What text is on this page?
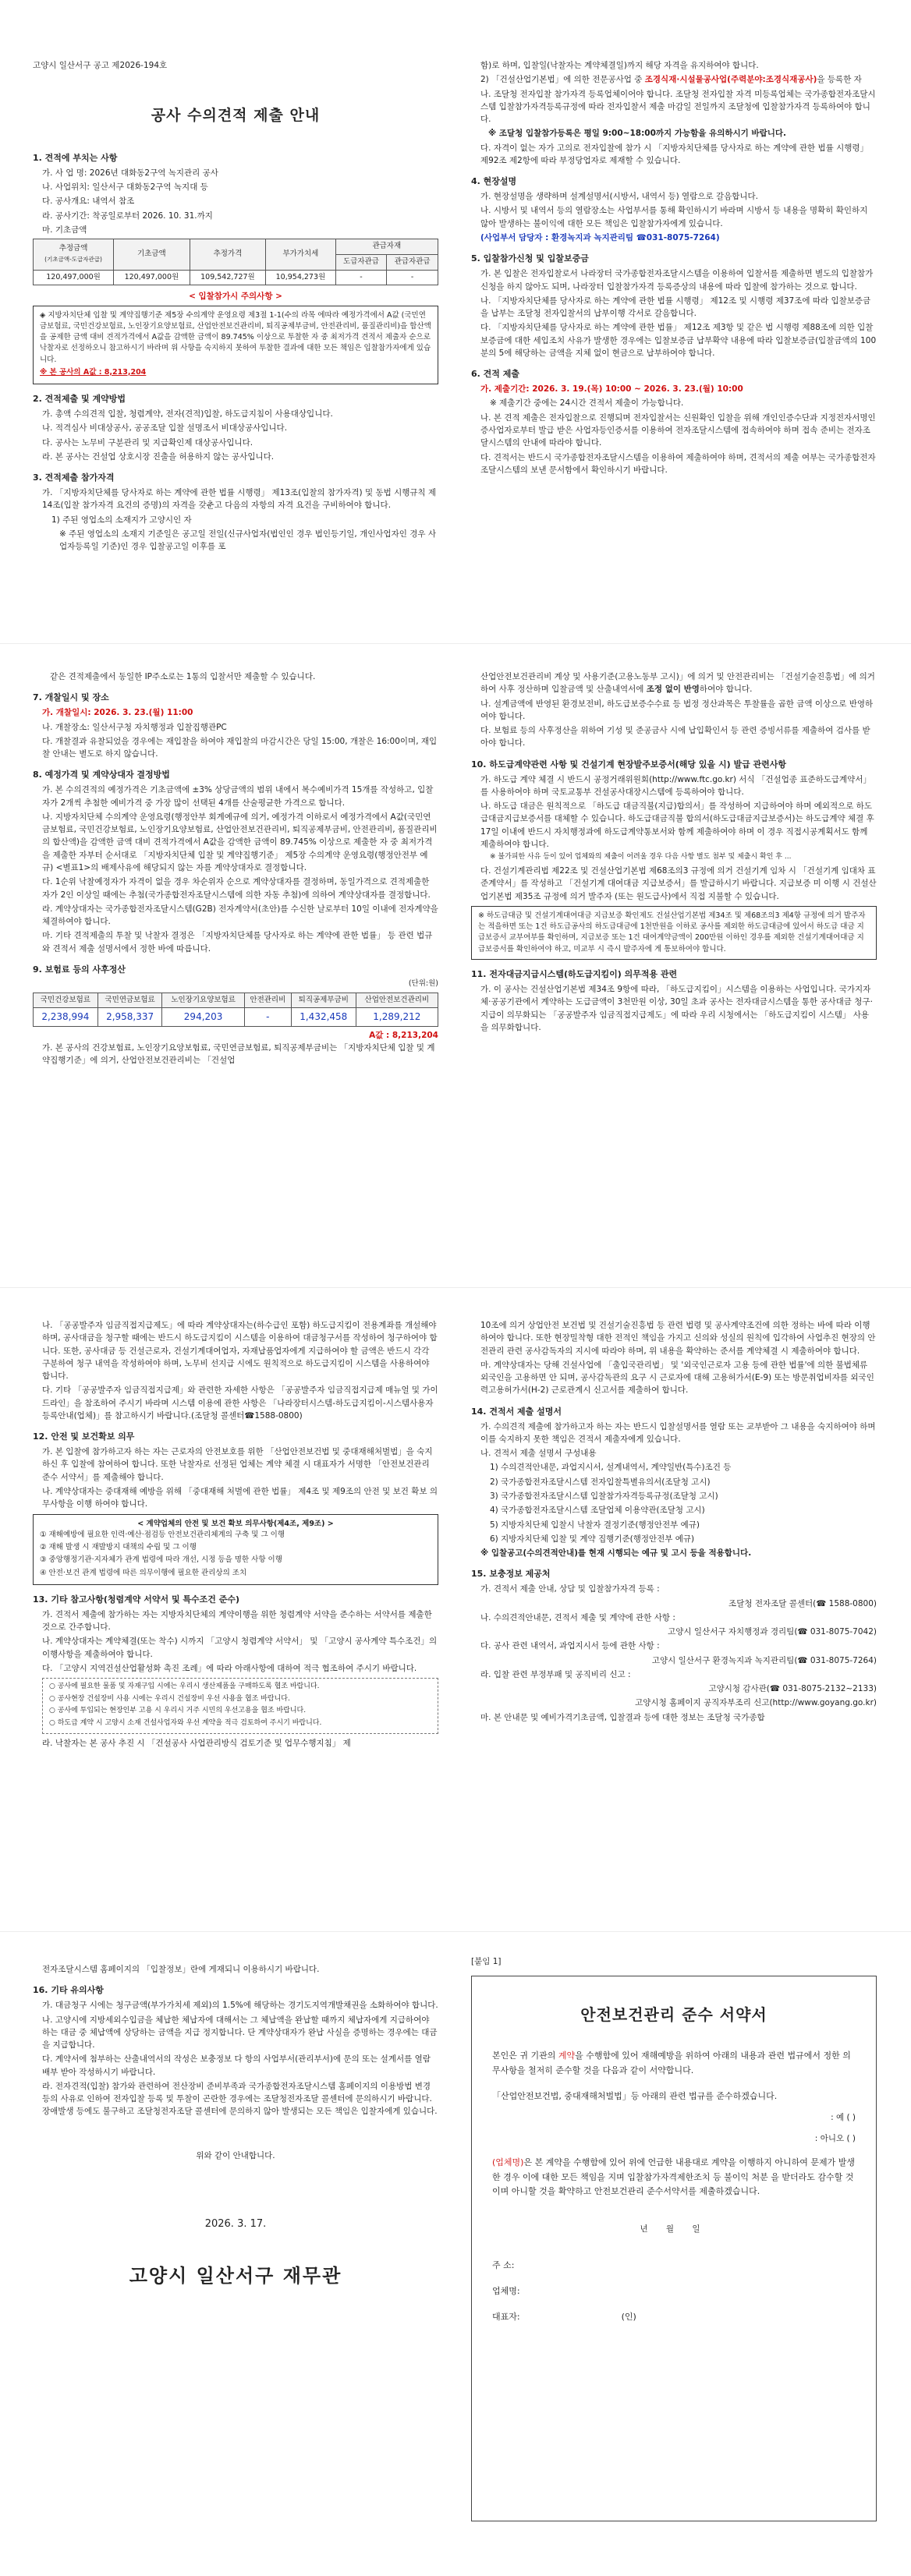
고양시 일산서구 공고 제2026-194호
공사 수의견적 제출 안내
1. 견적에 부치는 사항

가. 사 업 명: 2026년 대화동2구역 녹지관리 공사

나. 사업위치: 일산서구 대화동2구역 녹지대 등

다. 공사개요: 내역서 참조

라. 공사기간: 착공일로부터 2026. 10. 31.까지

마. 기초금액

추정금액
(기초금액-도급자관급)	기초금액	추정가격	부가가치세	관급자재	
				도급자관급	관급자관급
120,497,000원	120,497,000원	109,542,727원	10,954,273원	-	-
< 입찰참가시 주의사항 >

◈ 지방자치단체 입찰 및 계약집행기준 제5장 수의계약 운영요령 제3절 1-1(수의 라목 에따라 예정가격에서 A값 (국민연금보험료, 국민건강보험료, 노인장기요양보험료, 산업안전보건관리비, 퇴직공제부금비, 안전관리비, 품질관리비)을 합산액을 공제한 금액 대비 견적가격에서 A값을 감액한 금액이 89.745% 이상으로 투찰한 자 중 최저가격 견적서 제출자 순으로 낙찰자로 선정하오니 참고하시기 바라며 위 사항을 숙지하지 못하여 투찰한 결과에 대한 모든 책임은 입찰참가자에게 있습니다.

※ 본 공사의 A값 : 8,213,204

2. 견적제출 및 계약방법

가. 총액 수의견적 입찰, 청렴계약, 전자(견적)입찰, 하도급지침이 사용대상입니다.

나. 적격심사 비대상공사, 공공조달 입찰 설명조서 비대상공사입니다.

다. 공사는 노무비 구분관리 및 지급확인제 대상공사입니다.

라. 본 공사는 건설업 상호시장 진출을 허용하지 않는 공사입니다.

3. 견적제출 참가자격

가. 「지방자치단체를 당사자로 하는 계약에 관한 법률 시행령」 제13조(입찰의 참가자격) 및 동법 시행규칙 제14조(입찰 참가자격 요건의 증명)의 자격을 갖춘고 다음의 자항의 자격 요건을 구비하여야 합니다.

1) 주된 영업소의 소재지가 고양시인 자

※ 주된 영업소의 소재지 기준일은 공고일 전일(신규사업자(법인인 경우 법인등기일, 개인사업자인 경우 사업자등록일 기준)인 경우 입찰공고일 이후를 포

함)로 하며, 입찰일(낙찰자는 계약체결일)까지 해당 자격을 유지하여야 합니다.

2) 「건설산업기본법」에 의한 전문공사업 중 조경식재·시설물공사업(주력분야:조경식재공사)을 등록한 자

나. 조달청 전자입찰 참가자격 등록업체이어야 합니다. 조달청 전자입찰 자격 미등록업체는 국가종합전자조달시스템 입찰참가자격등록규정에 따라 전자입찰서 제출 마감일 전일까지 조달청에 입찰참가자격 등록하여야 합니다.

※ 조달청 입찰참가등록은 평일 9:00~18:00까지 가능함을 유의하시기 바랍니다.

다. 자격이 없는 자가 고의로 전자입찰에 참가 시 「지방자치단체를 당사자로 하는 계약에 관한 법률 시행령」 제92조 제2항에 따라 부정당업자로 제재할 수 있습니다.

4. 현장설명

가. 현장설명을 생략하며 설계설명서(시방서, 내역서 등) 열람으로 갈음합니다.

나. 시방서 및 내역서 등의 열람장소는 사업부서를 통해 확인하시기 바라며 시방서 등 내용을 명확히 확인하지 않아 발생하는 불이익에 대한 모든 책임은 입찰참가자에게 있습니다.

(사업부서 담당자 : 환경녹지과 녹지관리팀 ☎031-8075-7264)

5. 입찰참가신청 및 입찰보증금

가. 본 입찰은 전자입찰로서 나라장터 국가종합전자조달시스템을 이용하여 입찰서를 제출하면 별도의 입찰참가신청을 하지 않아도 되며, 나라장터 입찰참가자격 등록증상의 내용에 따라 입찰에 참가하는 것으로 합니다.

나. 「지방자치단체를 당사자로 하는 계약에 관한 법률 시행령」 제12조 및 시행령 제37조에 따라 입찰보증금을 납부는 조달청 전자입찰서의 납부이행 각서로 갈음합니다.

다. 「지방자치단체를 당사자로 하는 계약에 관한 법률」 제12조 제3항 및 같은 법 시행령 제88조에 의한 입찰보증금에 대한 세입조치 사유가 발생한 경우에는 입찰보증금 납부확약 내용에 따라 입찰보증금(입찰금액의 100분의 5에 해당하는 금액을 지체 없이 현금으로 납부하여야 합니다.

6. 견적 제출

가. 제출기간: 2026. 3. 19.(목) 10:00 ~ 2026. 3. 23.(월) 10:00

※ 제출기간 중에는 24시간 견적서 제출이 가능합니다.

나. 본 견적 제출은 전자입찰으로 진행되며 전자입찰서는 신원확인 입찰을 위해 개인인증수단과 지정전자서명인증사업자로부터 발급 받은 사업자등인증서를 이용하여 전자조달시스템에 접속하여야 하며 접속 준비는 전자조달시스템의 안내에 따라야 합니다.

다. 견적서는 반드시 국가종합전자조달시스템을 이용하여 제출하여야 하며, 견적서의 제출 여부는 국가종합전자조달시스템의 보낸 문서함에서 확인하시기 바랍니다.

같은 견적제출에서 동일한 IP주소로는 1통의 입찰서만 제출할 수 있습니다.

7. 개찰일시 및 장소

가. 개찰일시: 2026. 3. 23.(월) 11:00

나. 개찰장소: 일산서구청 자치행정과 입찰집행관PC

다. 개찰결과 유찰되었을 경우에는 재입찰을 하여야 재입찰의 마감시간은 당일 15:00, 개찰은 16:00이며, 재입찰 안내는 별도로 하지 않습니다.

8. 예정가격 및 계약상대자 결정방법

가. 본 수의견적의 예정가격은 기초금액에 ±3% 상당금액의 범위 내에서 복수예비가격 15개를 작성하고, 입찰자가 2개씩 추첨한 예비가격 중 가장 많이 선택된 4개를 산술평균한 가격으로 합니다.

나. 지방자치단체 수의계약 운영요령(행정안부 회계예규에 의거, 예정가격 이하로서 예정가격에서 A값(국민연금보험료, 국민건강보험료, 노인장기요양보험료, 산업안전보건관리비, 퇴직공제부금비, 안전관리비, 품질관리비의 합산액)을 감액한 금액 대비 견적가격에서 A값을 감액한 금액이 89.745% 이상으로 제출한 자 중 최저가격을 제출한 자부터 순서대로 「지방자치단체 입찰 및 계약집행기준」 제5장 수의계약 운영요령(행정안전부 예규) <별표1>의 배제사유에 해당되지 않는 자를 계약상대자로 결정합니다.

다. 1순위 낙찰예정자가 자격이 없을 경우 차순위자 순으로 계약상대자를 결정하며, 동일가격으로 견적제출한 자가 2인 이상일 때에는 추첨(국가종합전자조달시스템에 의한 자동 추첨)에 의하여 계약상대자를 결정합니다.

라. 계약상대자는 국가종합전자조달시스템(G2B) 전자계약서(초안)를 수신한 날로부터 10일 이내에 전자계약을 체결하여야 합니다.

마. 기타 견적제출의 투찰 및 낙찰자 결정은 「지방자치단체를 당사자로 하는 계약에 관한 법률」 등 관련 법규와 견적서 제출 설명서에서 정한 바에 따릅니다.

9. 보험료 등의 사후정산
(단위:원)
국민건강보험료	국민연금보험료	노인장기요양보험료	안전관리비	퇴직공제부금비	산업안전보건관리비
2,238,994	2,958,337	294,203	-	1,432,458	1,289,212
A값 : 8,213,204

가. 본 공사의 건강보험료, 노인장기요양보험료, 국민연금보험료, 퇴직공제부금비는 「지방자치단체 입찰 및 계약집행기준」에 의거, 산업안전보건관리비는 「건설업

산업안전보건관리비 계상 및 사용기준(고용노동부 고시)」에 의거 및 안전관리비는 「건설기술진흥법」에 의거하여 사후 정산하며 입찰금액 및 산출내역서에 조정 없이 반영하여야 합니다.

나. 설계금액에 반영된 환경보전비, 하도급보증수수료 등 법정 정산과목은 투찰률을 곱한 금액 이상으로 반영하여야 합니다.

다. 보험료 등의 사후정산을 위하여 기성 및 준공금사 시에 납입확인서 등 관련 증빙서류를 제출하여 검사를 받아야 합니다.

10. 하도급계약관련 사항 및 건설기계 현장발주보증서(해당 있을 시) 발급 관련사항

가. 하도급 계약 체결 시 반드시 공정거래위원회(http://www.ftc.go.kr) 서식 「건설업종 표준하도급계약서」를 사용하여야 하며 국토교통부 건설공사대장시스템에 등록하여야 합니다.

나. 하도급 대금은 원칙적으로 「하도급 대금직불(지급)합의서」를 작성하여 지급하여야 하며 예외적으로 하도급대금지급보증서를 대체할 수 있습니다. 하도급대금직불 합의서(하도급대금지급보증서)는 하도급계약 체결 후 17일 이내에 반드시 자치행정과에 하도급계약통보서와 함께 제출하여야 하며 이 경우 직접시공계획서도 함께 제출하여야 합니다.

※ 불가피한 사유 등이 있어 업체와의 제출이 어려울 경우 다음 사항 별도 첨부 및 제출시 확인 후 ...

다. 건설기계관리법 제22조 및 건설산업기본법 제68조의3 규정에 의거 건설기계 임차 시 「건설기계 임대차 표준계약서」를 작성하고 「건설기계 대여대금 지급보증서」를 발급하시기 바랍니다. 지급보증 미 이행 시 건설산업기본법 제35조 규정에 의거 발주자 (또는 원도급사)에서 직접 지불할 수 있습니다.

※ 하도급대금 및 건설기계대여대금 지급보증 확인제도 건설산업기본법 제34조 및 제68조의3 제4항 규정에 의거 발주자는 적을하면 또는 1건 하도급공사의 하도급대금에 1천만원을 이하로 공사를 제외한 하도급대금에 있어서 하도급 대금 지급보증서 교부여부를 확인하며, 지급보증 또는 1건 대여계약금액이 200만원 이하인 경우를 제외한 건설기계대여대금 지급보증서를 확인하여야 하고, 미교부 시 즉시 발주자에 게 통보하여야 합니다.
11. 전자대금지급시스템(하도급지킴이) 의무적용 관련

가. 이 공사는 건설산업기본법 제34조 9항에 따라, 「하도급지킴이」시스템을 이용하는 사업입니다. 국가지자체·공공기관에서 계약하는 도급금액이 3천만원 이상, 30일 초과 공사는 전자대금시스템을 통한 공사대금 청구·지급이 의무화되는 「공공발주자 임금직접지급제도」에 따라 우리 시청에서는 「하도급지킴이 시스템」 사용을 의무화합니다.

나. 「공공발주자 임금직접지급제도」에 따라 계약상대자는(하수급인 포함) 하도급지킴이 전용계좌를 개설해야 하며, 공사대금을 청구할 때에는 반드시 하도급지킴이 시스템을 이용하여 대금청구서를 작성하여 청구하여야 합니다. 또한, 공사대금 등 건설근로자, 건설기계대여업자, 자재납품업자에게 지급하여야 할 금액은 반드시 각각 구분하여 청구 내역을 작성하여야 하며, 노무비 선지급 시에도 원칙적으로 하도급지킴이 시스템을 사용하여야 합니다.

다. 기타 「공공발주자 임금직접지급제」와 관련한 자세한 사항은 「공공발주자 임금직접지급제 매뉴얼 및 가이드라인」을 참조하여 주시기 바라며 시스템 이용에 관한 사항은 「나라장터시스템-하도급지킴이-시스템사용자등록안내(업체)」를 참고하시기 바랍니다.(조달청 콜센터☎1588-0800)

12. 안전 및 보건확보 의무

가. 본 입찰에 참가하고자 하는 자는 근로자의 안전보호를 위한 「산업안전보건법 및 중대재해처벌법」을 숙지하신 후 입찰에 참여하여 합니다. 또한 낙찰자로 선정된 업체는 계약 체결 시 대표자가 서명한 「안전보건관리 준수 서약서」를 제출해야 합니다.

나. 계약상대자는 중대재해 예방을 위해 「중대재해 처벌에 관한 법률」 제4조 및 제9조의 안전 및 보건 확보 의무사항을 이행 하여야 합니다.

< 계약업체의 안전 및 보건 확보 의무사항(제4조, 제9조) >

① 재해예방에 필요한 인력·예산·점검등 안전보건관리체계의 구축 및 그 이행

② 재해 발생 시 재발방지 대책의 수립 및 그 이행

③ 중앙행정기관·지자체가 관계 법령에 따라 개선, 시정 등을 명한 사항 이행

④ 안전·보건 관계 법령에 따른 의무이행에 필요한 관리상의 조치

13. 기타 참고사항(청렴계약 서약서 및 특수조건 준수)

가. 견적서 제출에 참가하는 자는 지방자치단체의 계약이행을 위한 청렴계약 서약을 준수하는 서약서를 제출한 것으로 간주합니다.

나. 계약상대자는 계약체결(또는 착수) 시까지 「고양시 청렴계약 서약서」 및 「고양시 공사계약 특수조건」의 이행사항을 제출하여야 합니다.

다. 「고양시 지역건설산업활성화 촉진 조례」에 따라 아래사항에 대하여 적극 협조하여 주시기 바랍니다.

○ 공사에 필요한 물품 및 자재구입 시에는 우리시 생산제품을 구매하도록 협조 바랍니다.

○ 공사현장 건설장비 사용 시에는 우리시 건설장비 우선 사용을 협조 바랍니다.

○ 공사에 투입되는 현장인부 고용 시 우리시 거주 시민의 우선고용을 협조 바랍니다.

○ 하도급 계약 시 고양시 소재 건설사업자와 우선 계약을 적극 검토하여 주시기 바랍니다.

라. 낙찰자는 본 공사 추진 시 「건설공사 사업관리방식 검토기준 및 업무수행지침」 제

10조에 의거 상업안전 보건법 및 건설기술진흥법 등 관련 법령 및 공사계약조건에 의한 정하는 바에 따라 이행하여야 합니다. 또한 현장밀착형 대한 전적인 책임을 가지고 신의와 성실의 원칙에 입각하여 사업추진 현장의 안전관리 관련 공사감독자의 지시에 따라야 하며, 위 내용을 확약하는 준서를 계약체결 시 제출하여야 합니다.

마. 계약상대자는 당해 건설사업에 「출입국관리법」 및 '외국인근로자 고용 등에 관한 법률'에 의한 불법체류 외국인을 고용하면 안 되며, 공사감독관의 요구 시 근로자에 대해 고용허가서(E-9) 또는 방문취업비자를 외국인력고용허가서(H-2) 근로관계시 신고서를 제출하여 합니다.

14. 견적서 제출 설명서

가. 수의견적 제출에 참가하고자 하는 자는 반드시 입찰설명서를 열람 또는 교부받아 그 내용을 숙지하여야 하며 이를 숙지하지 못한 책임은 견적서 제출자에게 있습니다.

나. 견적서 제출 설명서 구성내용

1) 수의견적안내문, 과업지시서, 설계내역서, 계약일반(특수)조건 등

2) 국가종합전자조달시스템 전자입찰특별유의서(조달청 고시)

3) 국가종합전자조달시스템 입찰참가자격등록규정(조달청 고시)

4) 국가종합전자조달시스템 조달업체 이용약관(조달청 고시)

5) 지방자치단체 입찰시 낙찰자 결정기준(행정안전부 예규)

6) 지방자치단체 입찰 및 계약 집행기준(행정안전부 예규)

※ 입찰공고(수의견적안내)를 현재 시행되는 예규 및 고시 등을 적용합니다.

15. 보충정보 제공처

가. 견적서 제출 안내, 상담 및 입찰참가자격 등록 :

조달청 전자조달 콜센터(☎ 1588-0800)

나. 수의견적안내문, 견적서 제출 및 계약에 관한 사항 :

고양시 일산서구 자치행정과 경리팀(☎ 031-8075-7042)

다. 공사 관련 내역서, 과업지시서 등에 관한 사항 :

고양시 일산서구 환경녹지과 녹지관리팀(☎ 031-8075-7264)

라. 입찰 관련 부정부패 및 공직비리 신고 :

고양시청 감사관(☎ 031-8075-2132~2133)

고양시청 홈페이지 공직자부조리 신고(http://www.goyang.go.kr)

마. 본 안내문 및 예비가격기초금액, 입찰결과 등에 대한 정보는 조달청 국가종합

전자조달시스템 홈페이지의 「입찰정보」란에 게재되니 이용하시기 바랍니다.

16. 기타 유의사항

가. 대금청구 시에는 청구금액(부가가치세 제외)의 1.5%에 해당하는 경기도지역개발채권을 소화하여야 합니다.

나. 고양시에 지방세외수입금을 체납한 체납자에 대해서는 그 체납액을 완납할 때까지 체납자에게 지급하여야 하는 대금 중 체납액에 상당하는 금액을 지급 정지합니다. 단 계약상대자가 완납 사실을 증명하는 경우에는 대금을 지급합니다.

다. 계약서에 첨부하는 산출내역서의 작성은 보충정보 다 항의 사업부서(관리부서)에 문의 또는 설계서를 열람 배부 받아 작성하시기 바랍니다.

라. 전자견적(입찰) 참가와 관련하여 전산장비 준비부족과 국가종합전자조달시스템 홈페이지의 이용방법 변경 등의 사유로 인하여 전자입찰 등록 및 투찰이 곤란한 경우에는 조달청전자조달 콜센터에 문의하시기 바랍니다. 장애발생 등에도 불구하고 조달청전자조달 콜센터에 문의하지 않아 발생되는 모든 책임은 입찰자에게 있습니다.

위와 같이 안내합니다.

2026. 3. 17.
고양시 일산서구 재무관
[붙임 1]
안전보건관리 준수 서약서

본인은 귀 기관의 계약을 수행함에 있어 재해예방을 위하여 아래의 내용과 관련 법규에서 정한 의무사항을 철저히 준수할 것을 다음과 같이 서약합니다.

「산업안전보건법, 중대재해처벌법」등 아래의 관련 법규를 준수하겠습니다.

: 예 ( )
: 아니오 ( )

(업체명)은 본 계약을 수행함에 있어 위에 언급한 내용대로 계약을 이행하지 아니하여 문제가 발생한 경우 이에 대한 모든 책임을 지며 입찰참가자격제한조치 등 불이익 처분 을 받더라도 감수할 것이며 아니할 것을 확약하고 안전보건관리 준수서약서를 제출하겠습니다.

년 월 일

주 소:

업체명:

대표자:	(인)
